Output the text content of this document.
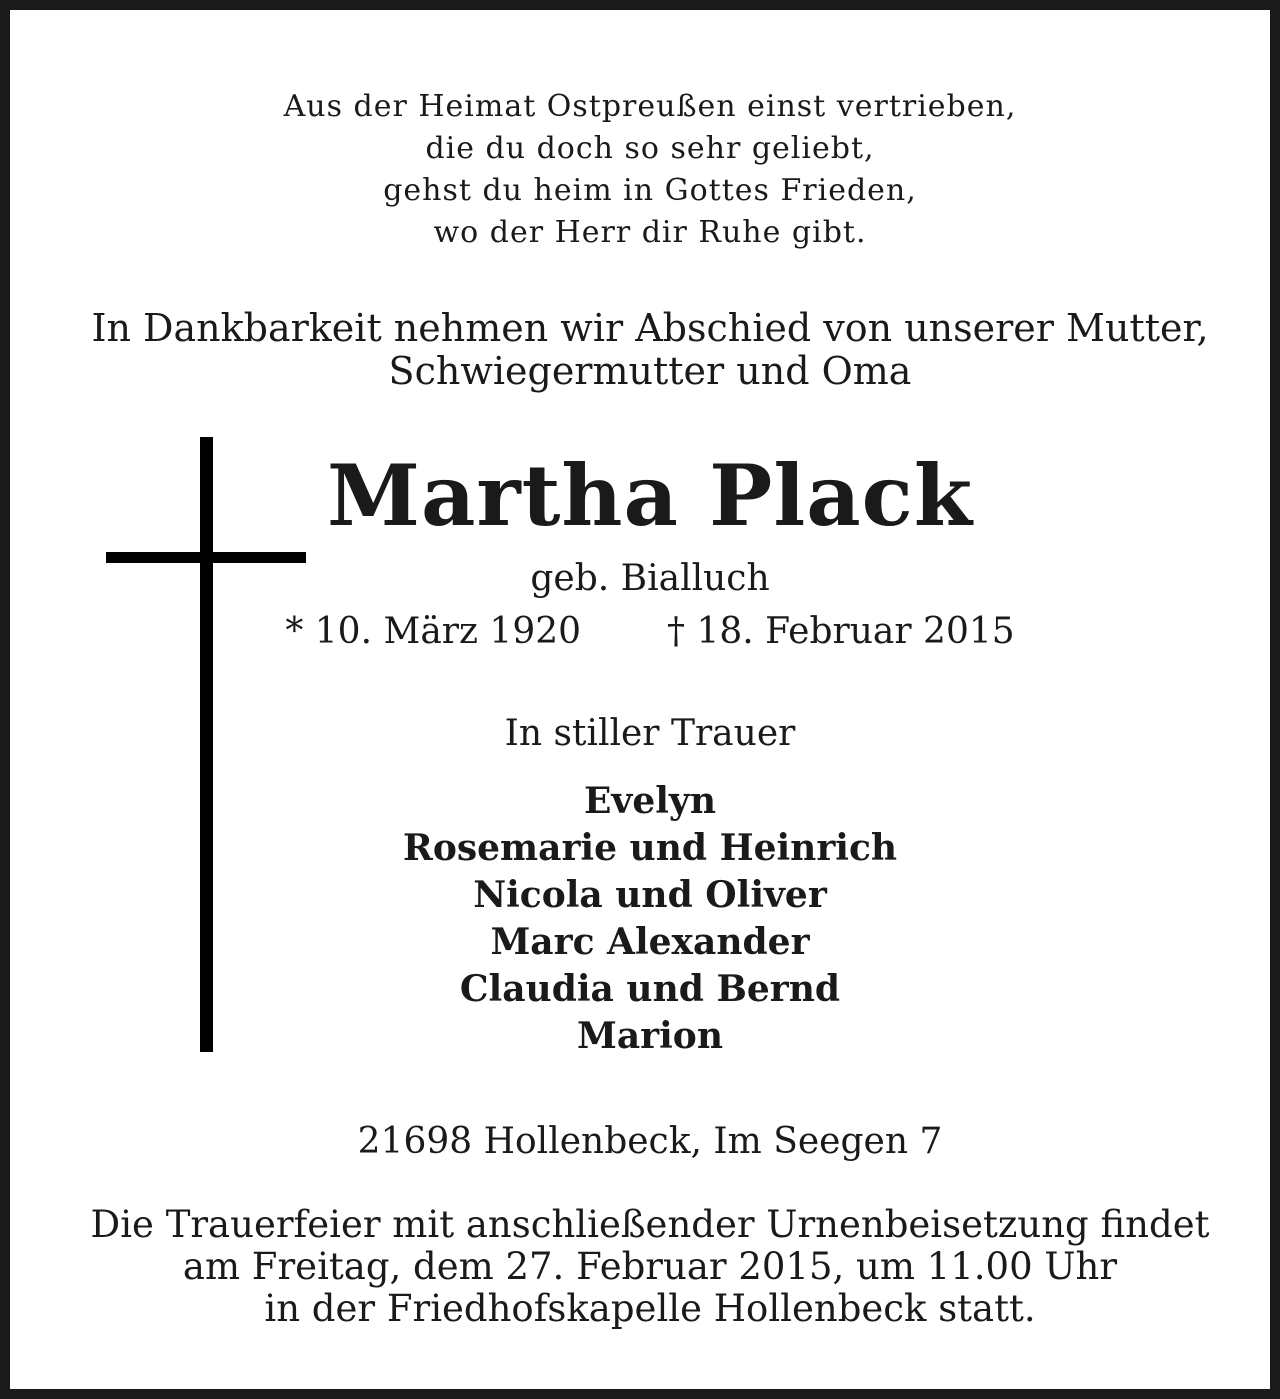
Aus der Heimat Ostpreußen einst vertrieben,
die du doch so sehr geliebt,
gehst du heim in Gottes Frieden,
wo der Herr dir Ruhe gibt.
In Dankbarkeit nehmen wir Abschied von unserer Mutter,
Schwiegermutter und Oma
Martha Plack
geb. Bialluch
* 10. März 1920 † 18. Februar 2015
In stiller Trauer
Evelyn
Rosemarie und Heinrich
Nicola und Oliver
Marc Alexander
Claudia und Bernd
Marion
21698 Hollenbeck, Im Seegen 7
Die Trauerfeier mit anschließender Urnenbeisetzung findet
am Freitag, dem 27. Februar 2015, um 11.00 Uhr
in der Friedhofskapelle Hollenbeck statt.
